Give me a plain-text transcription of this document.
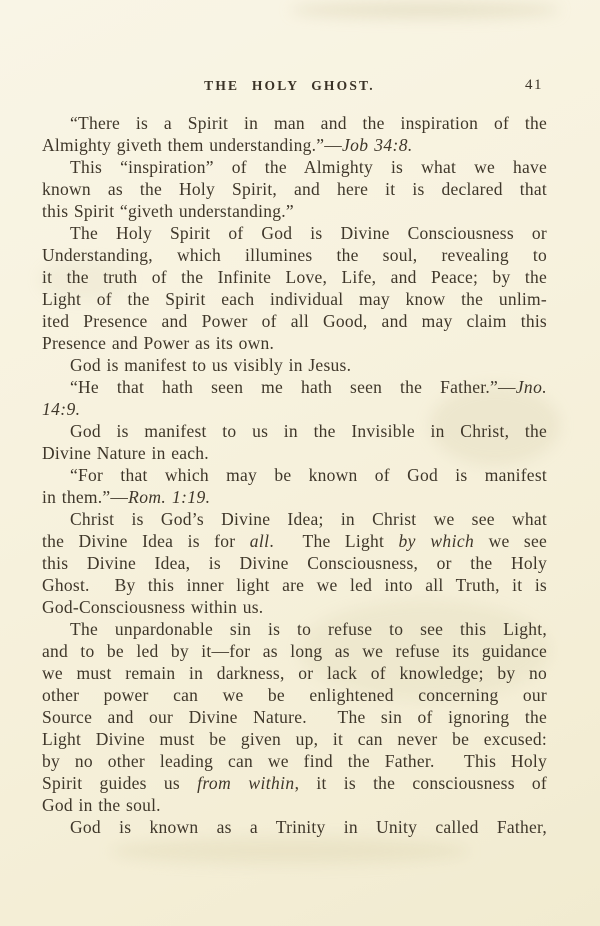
THE HOLY GHOST.	41
“There is a Spirit in man and the inspiration of the
Almighty giveth them understanding.”—Job 34:8.
This “inspiration” of the Almighty is what we have
known as the Holy Spirit, and here it is declared that
this Spirit “giveth understanding.”
The Holy Spirit of God is Divine Consciousness or
Understanding, which illumines the soul, revealing to
it the truth of the Infinite Love, Life, and Peace; by the
Light of the Spirit each individual may know the unlim-
ited Presence and Power of all Good, and may claim this
Presence and Power as its own.
God is manifest to us visibly in Jesus.
“He that hath seen me hath seen the Father.”—Jno.
14:9.
God is manifest to us in the Invisible in Christ, the
Divine Nature in each.
“For that which may be known of God is manifest
in them.”—Rom. 1:19.
Christ is God’s Divine Idea; in Christ we see what
the Divine Idea is for all.  The Light by which we see
this Divine Idea, is Divine Consciousness, or the Holy
Ghost.  By this inner light are we led into all Truth, it is
God-Consciousness within us.
The unpardonable sin is to refuse to see this Light,
and to be led by it—for as long as we refuse its guidance
we must remain in darkness, or lack of knowledge; by no
other power can we be enlightened concerning our
Source and our Divine Nature.  The sin of ignoring the
Light Divine must be given up, it can never be excused:
by no other leading can we find the Father.  This Holy
Spirit guides us from within, it is the consciousness of
God in the soul.
God is known as a Trinity in Unity called Father,
